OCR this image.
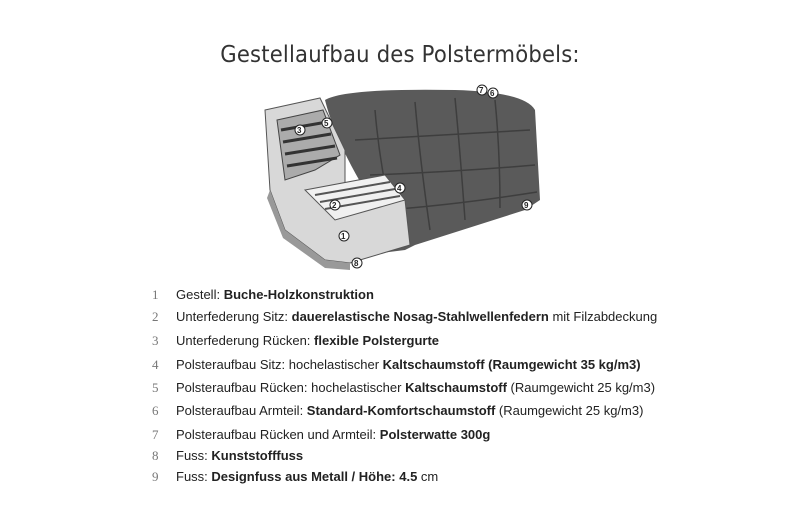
Gestellaufbau des Polstermöbels:
1
2
3
4
5
6
7
8
9
1 Gestell: Buche-Holzkonstruktion
2 Unterfederung Sitz: dauerelastische Nosag-Stahlwellenfedern mit Filzabdeckung
3 Unterfederung Rücken: flexible Polstergurte
4 Polsteraufbau Sitz: hochelastischer Kaltschaumstoff (Raumgewicht 35 kg/m3)
5 Polsteraufbau Rücken: hochelastischer Kaltschaumstoff (Raumgewicht 25 kg/m3)
6 Polsteraufbau Armteil: Standard-Komfortschaumstoff (Raumgewicht 25 kg/m3)
7 Polsteraufbau Rücken und Armteil: Polsterwatte 300g
8 Fuss: Kunststofffuss
9 Fuss: Designfuss aus Metall / Höhe: 4.5 cm
